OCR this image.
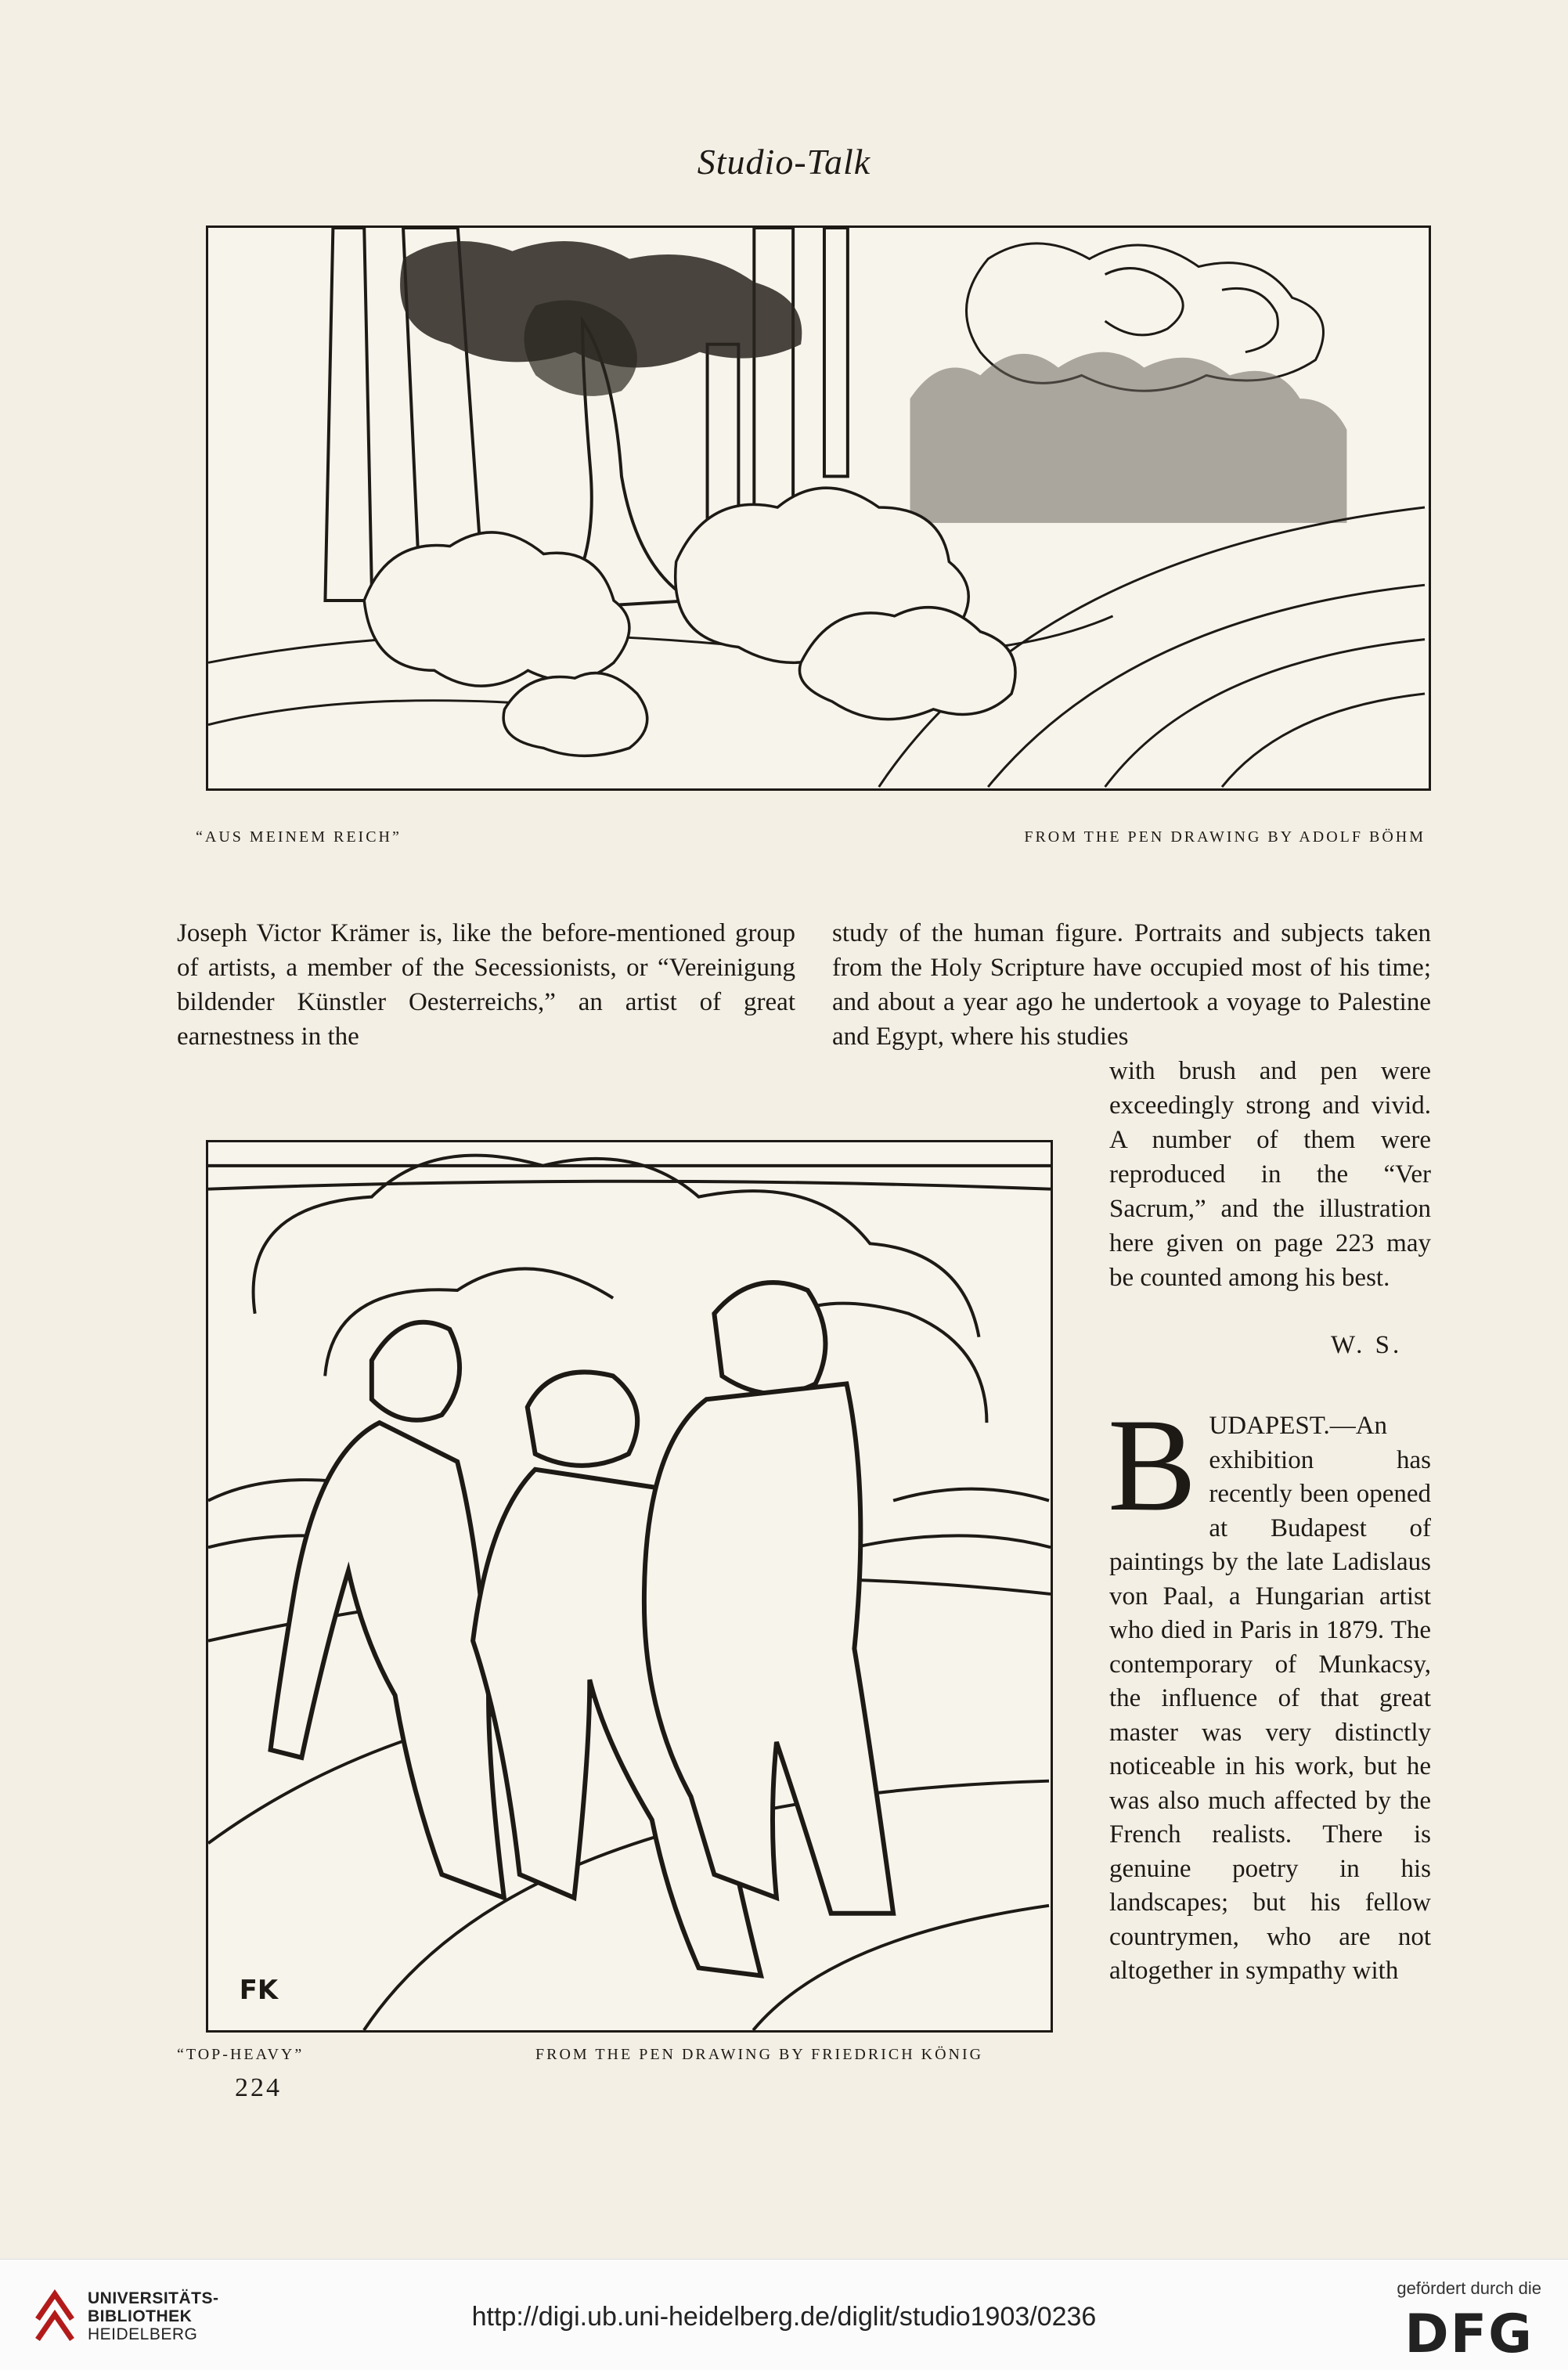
Studio-Talk
“AUS MEINEM REICH”	FROM THE PEN DRAWING BY ADOLF BÖHM
Joseph Victor Krämer is, like the before-mentioned group of artists, a member of the Secessionists, or “Vereinigung bildender Künstler Oesterreichs,” an artist of great earnestness in the
study of the human figure. Portraits and subjects taken from the Holy Scripture have occupied most of his time; and about a year ago he undertook a voyage to Palestine and Egypt, where his studies
FK
with brush and pen were exceedingly strong and vivid. A number of them were reproduced in the “Ver Sacrum,” and the illustration here given on page 223 may be counted among his best.
W. S.
BUDAPEST.—An exhibition has recently been opened at Budapest of paintings by the late Ladislaus von Paal, a Hungarian artist who died in Paris in 1879. The contemporary of Munkacsy, the influence of that great master was very distinctly noticeable in his work, but he was also much affected by the French realists. There is genuine poetry in his landscapes; but his fellow countrymen, who are not altogether in sympathy with
“TOP-HEAVY”	FROM THE PEN DRAWING BY FRIEDRICH KÖNIG
224
UNIVERSITÄTS-
BIBLIOTHEK
HEIDELBERG
http://digi.ub.uni-heidelberg.de/diglit/studio1903/0236
gefördert durch die
DFG
